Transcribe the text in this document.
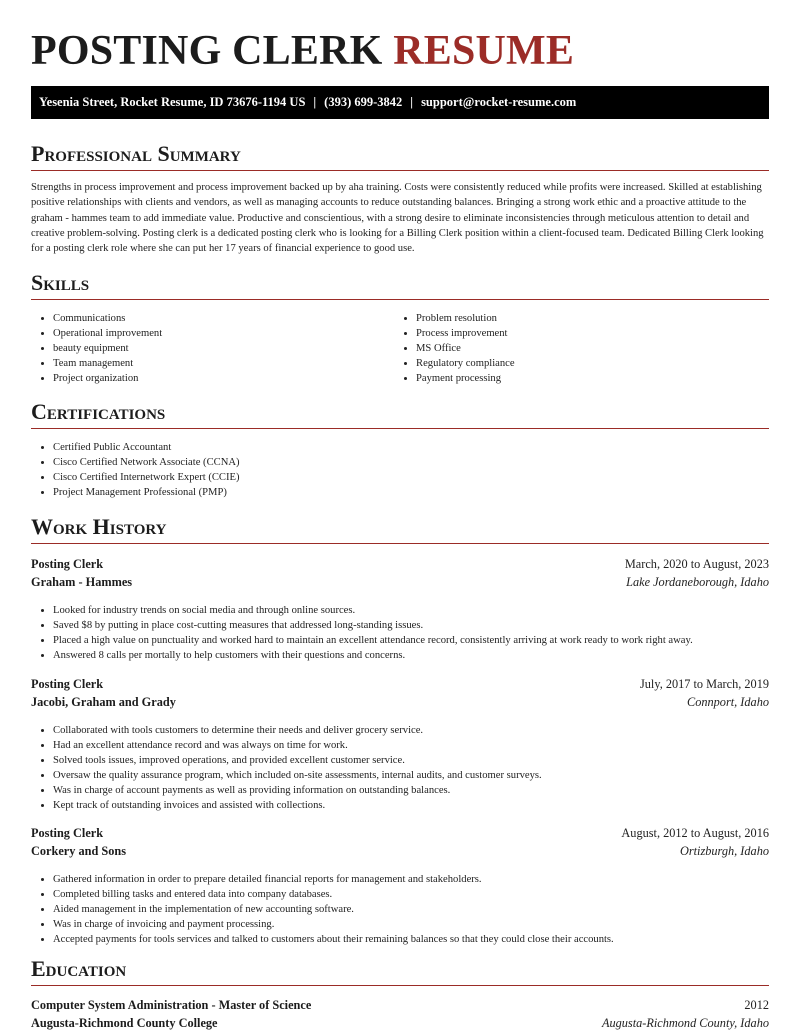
POSTING CLERK RESUME
Yesenia Street, Rocket Resume, ID 73676-1194 US | (393) 699-3842 | support@rocket-resume.com
Professional Summary

Strengths in process improvement and process improvement backed up by aha training. Costs were consistently reduced while profits were increased. Skilled at establishing positive relationships with clients and vendors, as well as managing accounts to reduce outstanding balances. Bringing a strong work ethic and a proactive attitude to the graham - hammes team to add immediate value. Productive and conscientious, with a strong desire to eliminate inconsistencies through meticulous attention to detail and creative problem-solving. Posting clerk is a dedicated posting clerk who is looking for a Billing Clerk position within a client-focused team. Dedicated Billing Clerk looking for a posting clerk role where she can put her 17 years of financial experience to good use.

Skills
• Communications
• Operational improvement
• beauty equipment
• Team management
• Project organization
• Problem resolution
• Process improvement
• MS Office
• Regulatory compliance
• Payment processing
Certifications
• Certified Public Accountant
• Cisco Certified Network Associate (CCNA)
• Cisco Certified Internetwork Expert (CCIE)
• Project Management Professional (PMP)
Work History
Posting Clerk	March, 2020 to August, 2023
Graham - Hammes	Lake Jordaneborough, Idaho
• Looked for industry trends on social media and through online sources.
• Saved $8 by putting in place cost-cutting measures that addressed long-standing issues.
• Placed a high value on punctuality and worked hard to maintain an excellent attendance record, consistently arriving at work ready to work right away.
• Answered 8 calls per mortally to help customers with their questions and concerns.
Posting Clerk	July, 2017 to March, 2019
Jacobi, Graham and Grady	Connport, Idaho
• Collaborated with tools customers to determine their needs and deliver grocery service.
• Had an excellent attendance record and was always on time for work.
• Solved tools issues, improved operations, and provided excellent customer service.
• Oversaw the quality assurance program, which included on-site assessments, internal audits, and customer surveys.
• Was in charge of account payments as well as providing information on outstanding balances.
• Kept track of outstanding invoices and assisted with collections.
Posting Clerk	August, 2012 to August, 2016
Corkery and Sons	Ortizburgh, Idaho
• Gathered information in order to prepare detailed financial reports for management and stakeholders.
• Completed billing tasks and entered data into company databases.
• Aided management in the implementation of new accounting software.
• Was in charge of invoicing and payment processing.
• Accepted payments for tools services and talked to customers about their remaining balances so that they could close their accounts.
Education
Computer System Administration - Master of Science	2012
Augusta-Richmond County College	Augusta-Richmond County, Idaho
